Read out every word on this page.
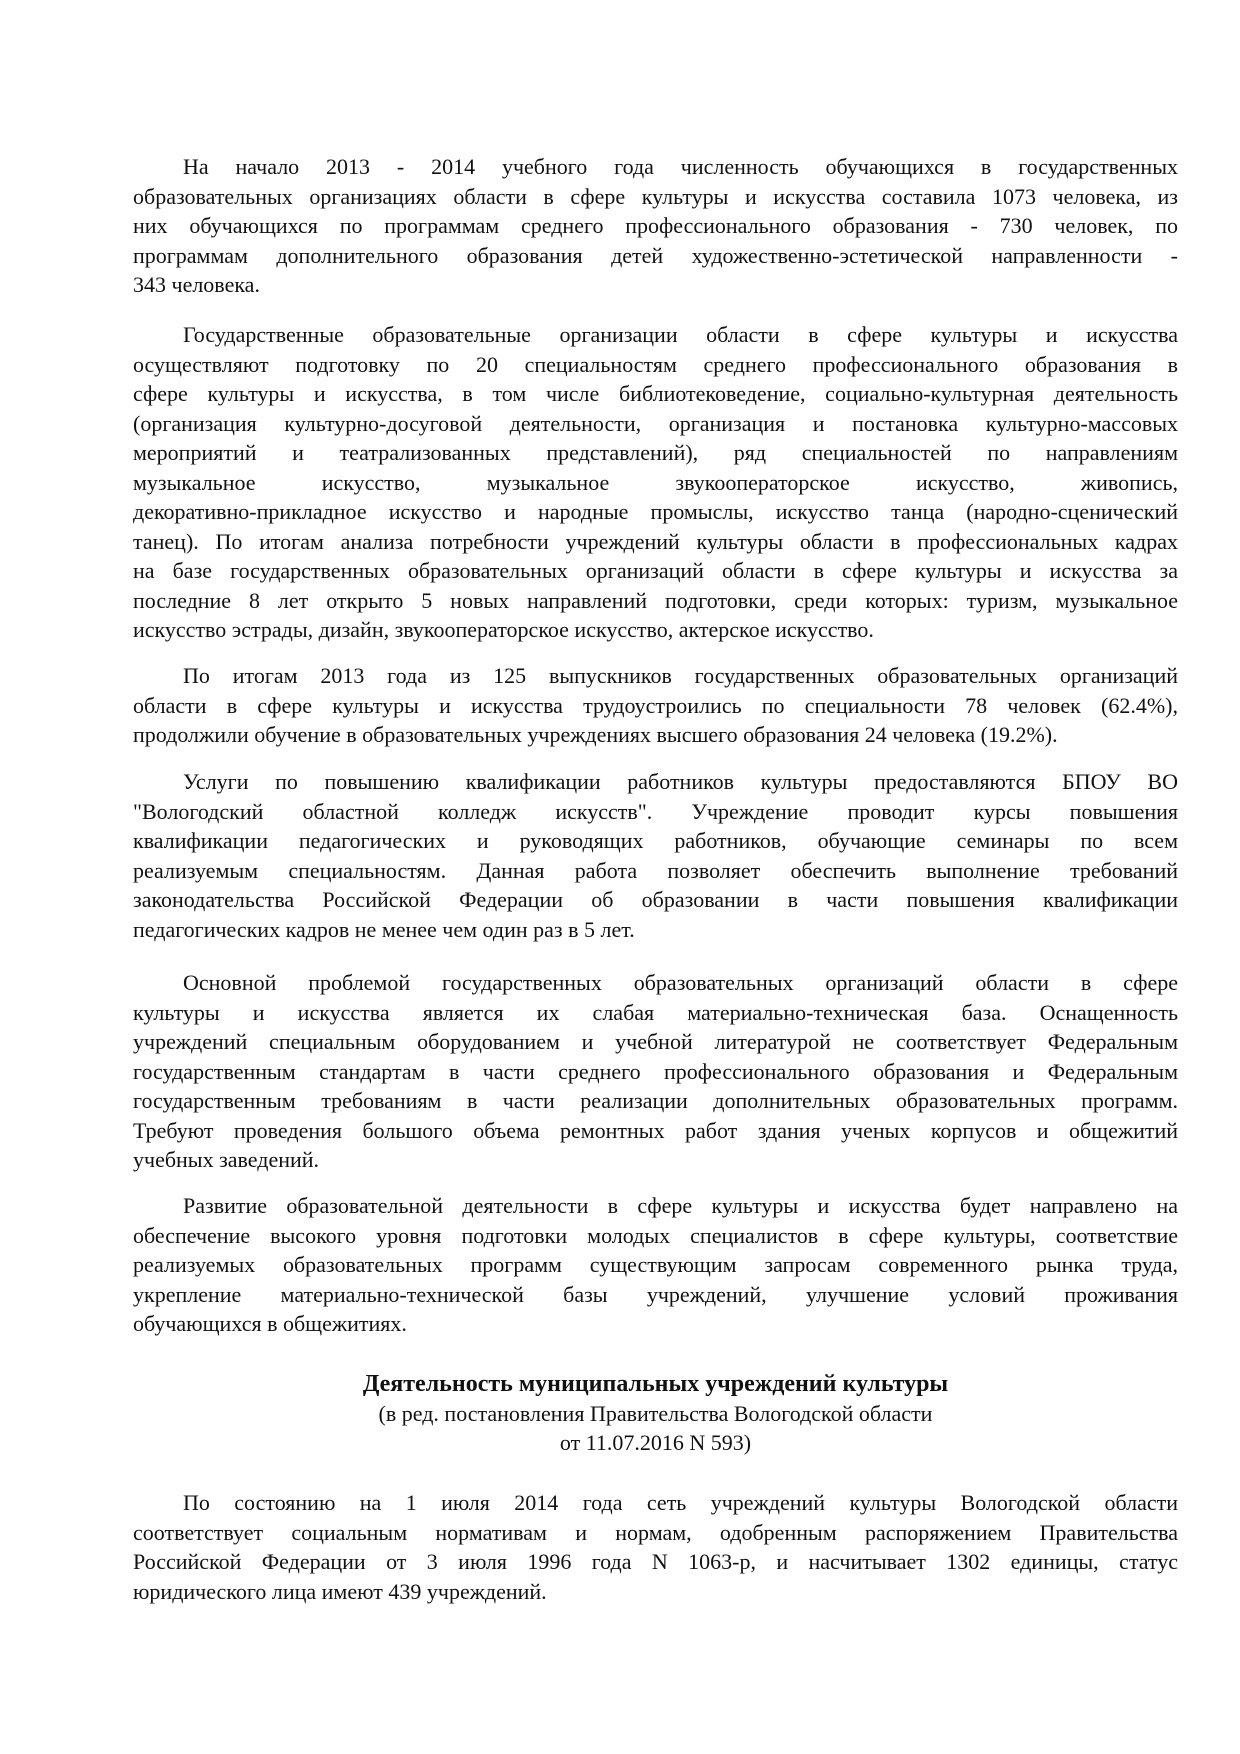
На начало 2013 - 2014 учебного года численность обучающихся в государственных
образовательных организациях области в сфере культуры и искусства составила 1073 человека, из
них обучающихся по программам среднего профессионального образования - 730 человек, по
программам дополнительного образования детей художественно-эстетической направленности -
343 человека.
Государственные образовательные организации области в сфере культуры и искусства
осуществляют подготовку по 20 специальностям среднего профессионального образования в
сфере культуры и искусства, в том числе библиотековедение, социально-культурная деятельность
(организация культурно-досуговой деятельности, организация и постановка культурно-массовых
мероприятий и театрализованных представлений), ряд специальностей по направлениям
музыкальное искусство, музыкальное звукооператорское искусство, живопись,
декоративно-прикладное искусство и народные промыслы, искусство танца (народно-сценический
танец). По итогам анализа потребности учреждений культуры области в профессиональных кадрах
на базе государственных образовательных организаций области в сфере культуры и искусства за
последние 8 лет открыто 5 новых направлений подготовки, среди которых: туризм, музыкальное
искусство эстрады, дизайн, звукооператорское искусство, актерское искусство.
По итогам 2013 года из 125 выпускников государственных образовательных организаций
области в сфере культуры и искусства трудоустроились по специальности 78 человек (62.4%),
продолжили обучение в образовательных учреждениях высшего образования 24 человека (19.2%).
Услуги по повышению квалификации работников культуры предоставляются БПОУ ВО
"Вологодский областной колледж искусств". Учреждение проводит курсы повышения
квалификации педагогических и руководящих работников, обучающие семинары по всем
реализуемым специальностям. Данная работа позволяет обеспечить выполнение требований
законодательства Российской Федерации об образовании в части повышения квалификации
педагогических кадров не менее чем один раз в 5 лет.
Основной проблемой государственных образовательных организаций области в сфере
культуры и искусства является их слабая материально-техническая база. Оснащенность
учреждений специальным оборудованием и учебной литературой не соответствует Федеральным
государственным стандартам в части среднего профессионального образования и Федеральным
государственным требованиям в части реализации дополнительных образовательных программ.
Требуют проведения большого объема ремонтных работ здания ученых корпусов и общежитий
учебных заведений.
Развитие образовательной деятельности в сфере культуры и искусства будет направлено на
обеспечение высокого уровня подготовки молодых специалистов в сфере культуры, соответствие
реализуемых образовательных программ существующим запросам современного рынка труда,
укрепление материально-технической базы учреждений, улучшение условий проживания
обучающихся в общежитиях.
Деятельность муниципальных учреждений культуры
(в ред. постановления Правительства Вологодской области
от 11.07.2016 N 593)
По состоянию на 1 июля 2014 года сеть учреждений культуры Вологодской области
соответствует социальным нормативам и нормам, одобренным распоряжением Правительства
Российской Федерации от 3 июля 1996 года N 1063-р, и насчитывает 1302 единицы, статус
юридического лица имеют 439 учреждений.
